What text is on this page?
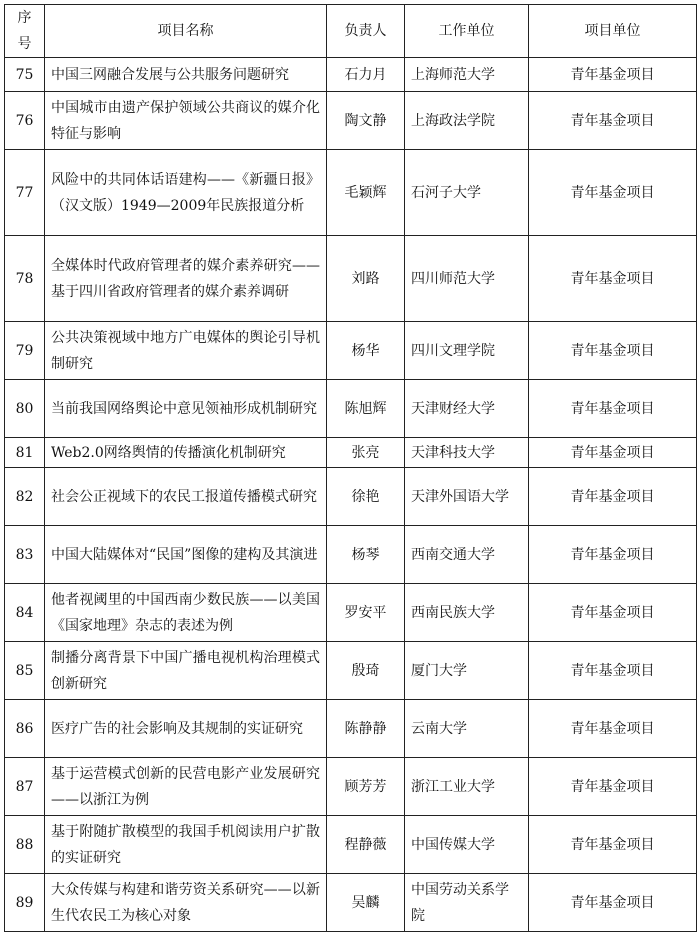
序号	项目名称	负责人	工作单位	项目单位
75	中国三网融合发展与公共服务问题研究	石力月	上海师范大学	青年基金项目
76	中国城市由遗产保护领域公共商议的媒介化特征与影响	陶文静	上海政法学院	青年基金项目
77	风险中的共同体话语建构——《新疆日报》（汉文版）1949—2009年民族报道分析	毛颖辉	石河子大学	青年基金项目
78	全媒体时代政府管理者的媒介素养研究——基于四川省政府管理者的媒介素养调研	刘路	四川师范大学	青年基金项目
79	公共决策视域中地方广电媒体的舆论引导机制研究	杨华	四川文理学院	青年基金项目
80	当前我国网络舆论中意见领袖形成机制研究	陈旭辉	天津财经大学	青年基金项目
81	Web2.0网络舆情的传播演化机制研究	张亮	天津科技大学	青年基金项目
82	社会公正视域下的农民工报道传播模式研究	徐艳	天津外国语大学	青年基金项目
83	中国大陆媒体对“民国”图像的建构及其演进	杨琴	西南交通大学	青年基金项目
84	他者视阈里的中国西南少数民族——以美国《国家地理》杂志的表述为例	罗安平	西南民族大学	青年基金项目
85	制播分离背景下中国广播电视机构治理模式创新研究	殷琦	厦门大学	青年基金项目
86	医疗广告的社会影响及其规制的实证研究	陈静静	云南大学	青年基金项目
87	基于运营模式创新的民营电影产业发展研究——以浙江为例	顾芳芳	浙江工业大学	青年基金项目
88	基于附随扩散模型的我国手机阅读用户扩散的实证研究	程静薇	中国传媒大学	青年基金项目
89	大众传媒与构建和谐劳资关系研究——以新生代农民工为核心对象	吴麟	中国劳动关系学院	青年基金项目
